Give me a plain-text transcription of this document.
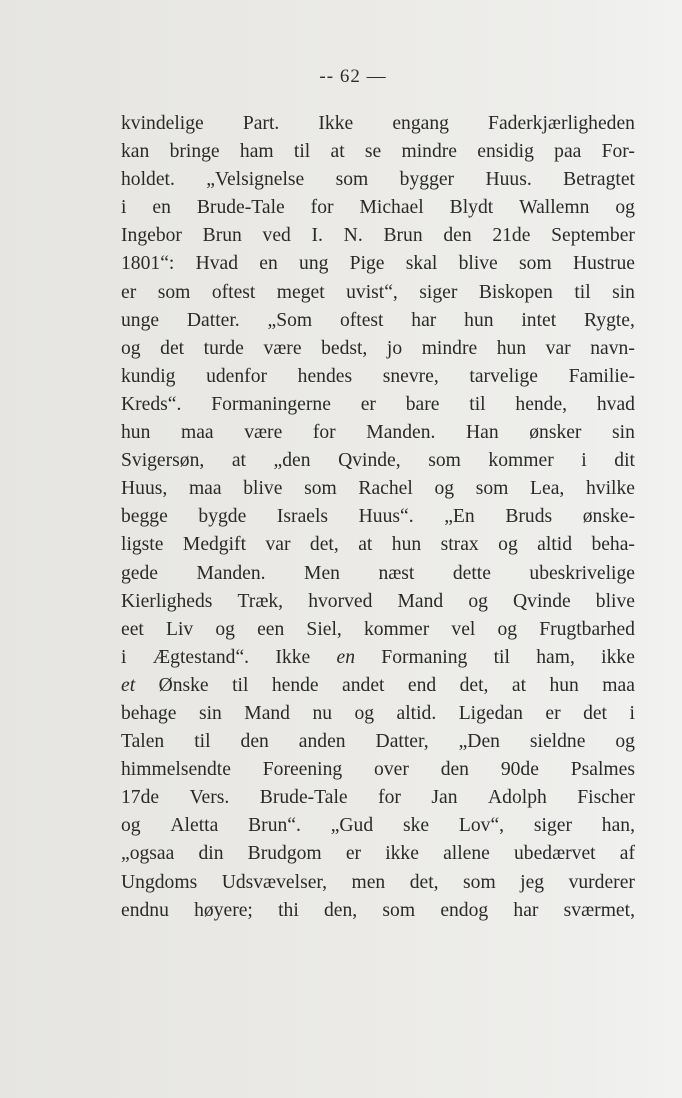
-- 62 —
kvindelige Part. Ikke engang Faderkjærligheden
kan bringe ham til at se mindre ensidig paa For-
holdet. „Velsignelse som bygger Huus. Betragtet
i en Brude-Tale for Michael Blydt Wallemn og
Ingebor Brun ved I. N. Brun den 21de September
1801“: Hvad en ung Pige skal blive som Hustrue
er som oftest meget uvist“, siger Biskopen til sin
unge Datter. „Som oftest har hun intet Rygte,
og det turde være bedst, jo mindre hun var navn-
kundig udenfor hendes snevre, tarvelige Familie-
Kreds“. Formaningerne er bare til hende, hvad
hun maa være for Manden. Han ønsker sin
Svigersøn, at „den Qvinde, som kommer i dit
Huus, maa blive som Rachel og som Lea, hvilke
begge bygde Israels Huus“. „En Bruds ønske-
ligste Medgift var det, at hun strax og altid beha-
gede Manden. Men næst dette ubeskrivelige
Kierligheds Træk, hvorved Mand og Qvinde blive
eet Liv og een Siel, kommer vel og Frugtbarhed
i Ægtestand“. Ikke en Formaning til ham, ikke
et Ønske til hende andet end det, at hun maa
behage sin Mand nu og altid. Ligedan er det i
Talen til den anden Datter, „Den sieldne og
himmelsendte Foreening over den 90de Psalmes
17de Vers. Brude-Tale for Jan Adolph Fischer
og Aletta Brun“. „Gud ske Lov“, siger han,
„ogsaa din Brudgom er ikke allene ubedærvet af
Ungdoms Udsvævelser, men det, som jeg vurderer
endnu høyere; thi den, som endog har sværmet,
